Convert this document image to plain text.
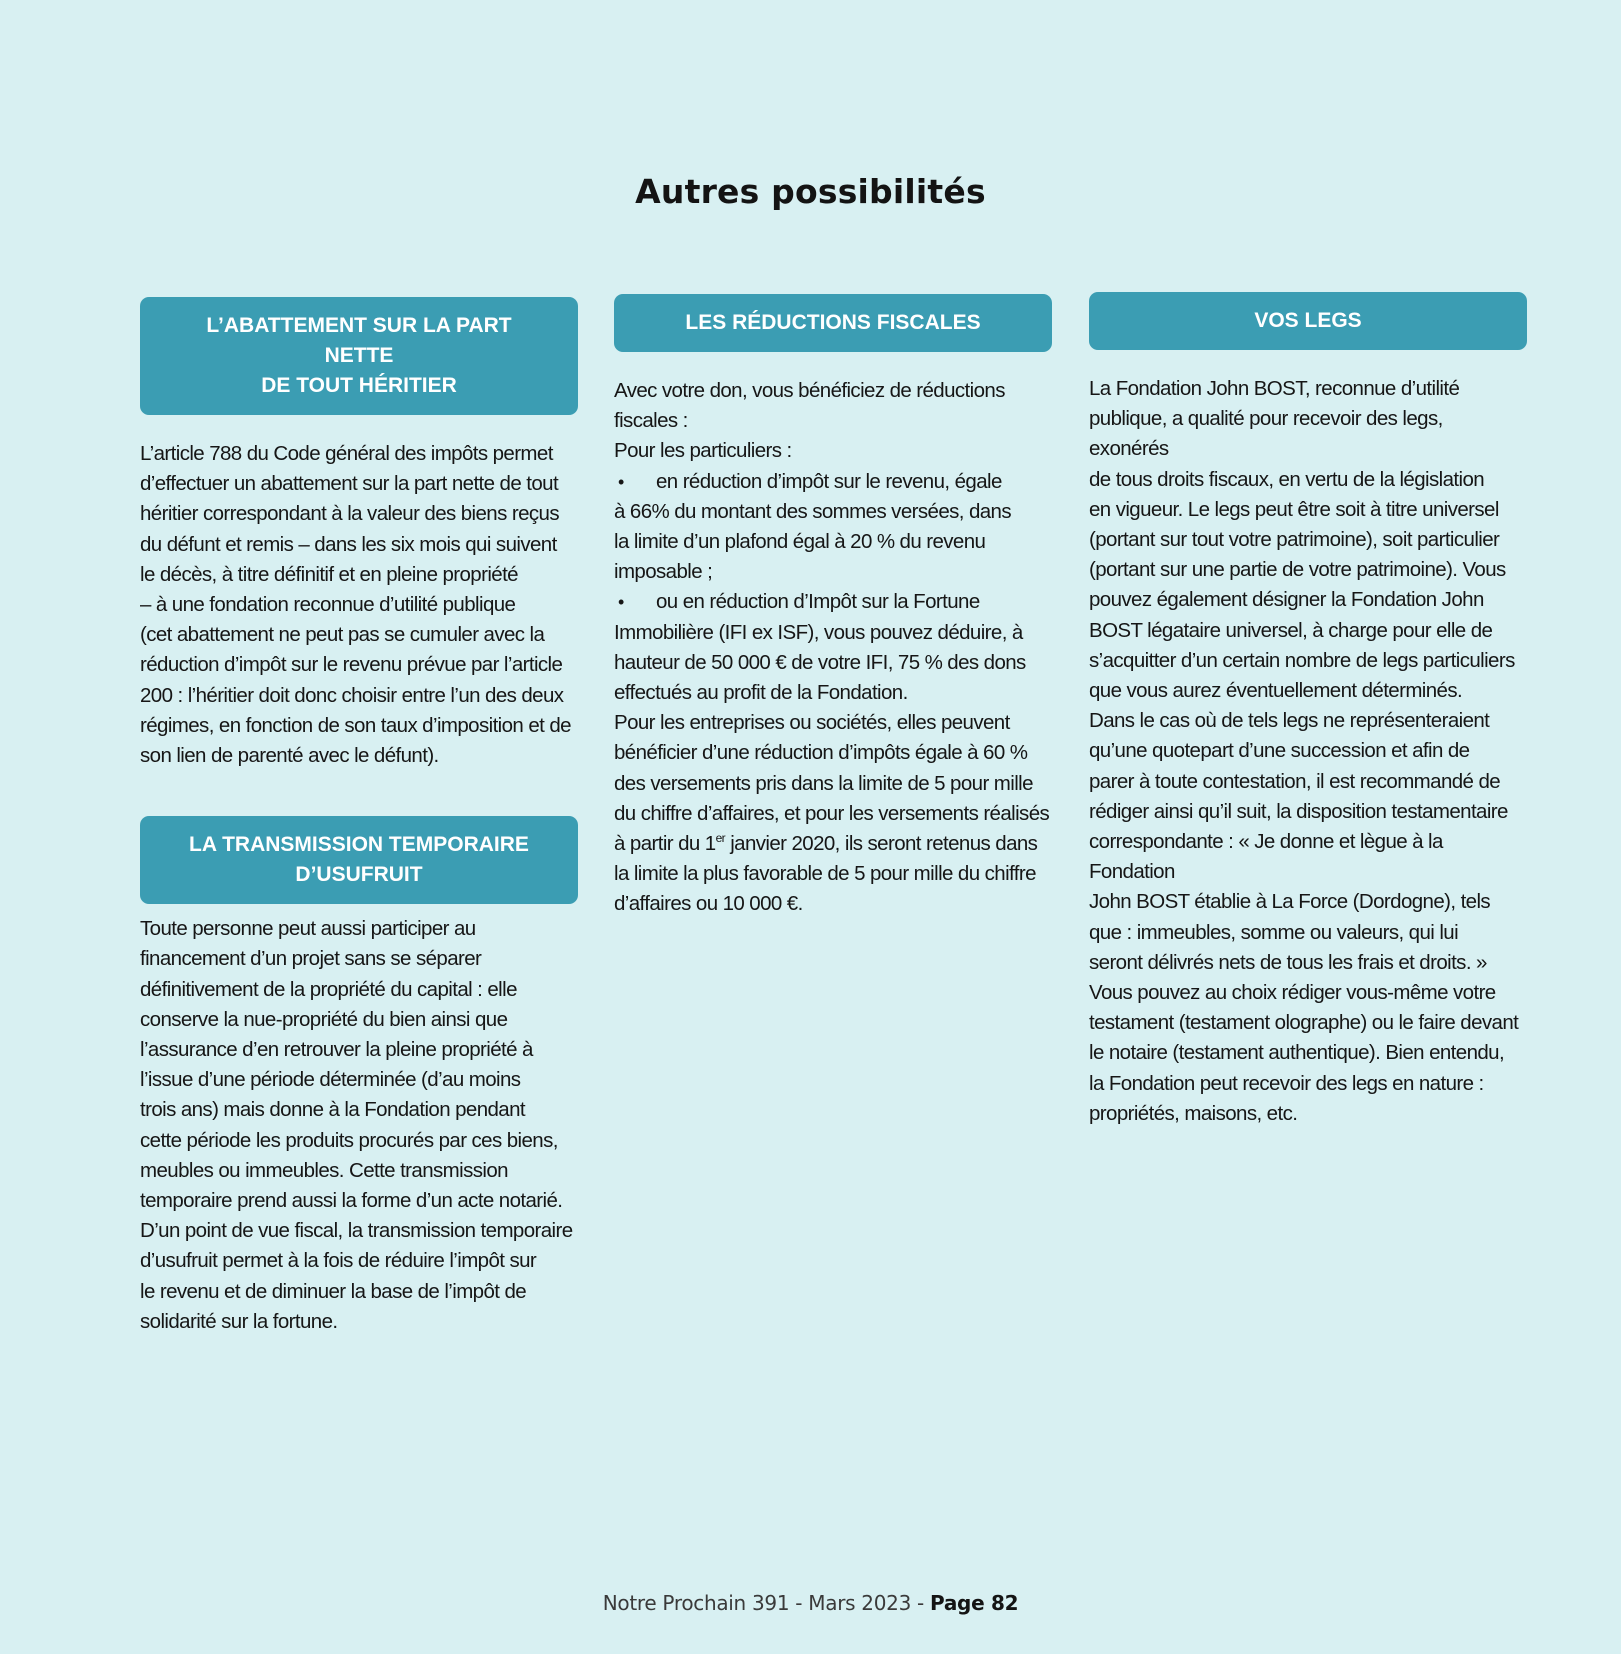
Autres possibilités
L’ABATTEMENT SUR LA PART NETTE
DE TOUT HÉRITIER

L’article 788 du Code général des impôts permet

d’effectuer un abattement sur la part nette de tout

héritier correspondant à la valeur des biens reçus

du défunt et remis – dans les six mois qui suivent

le décès, à titre définitif et en pleine propriété

– à une fondation reconnue d’utilité publique

(cet abattement ne peut pas se cumuler avec la

réduction d’impôt sur le revenu prévue par l’article

200 : l’héritier doit donc choisir entre l’un des deux

régimes, en fonction de son taux d’imposition et de

son lien de parenté avec le défunt).

LA TRANSMISSION TEMPORAIRE
D’USUFRUIT

Toute personne peut aussi participer au

financement d’un projet sans se séparer

définitivement de la propriété du capital : elle

conserve la nue-propriété du bien ainsi que

l’assurance d’en retrouver la pleine propriété à

l’issue d’une période déterminée (d’au moins

trois ans) mais donne à la Fondation pendant

cette période les produits procurés par ces biens,

meubles ou immeubles. Cette transmission

temporaire prend aussi la forme d’un acte notarié.

D’un point de vue fiscal, la transmission temporaire

d’usufruit permet à la fois de réduire l’impôt sur

le revenu et de diminuer la base de l’impôt de

solidarité sur la fortune.

LES RÉDUCTIONS FISCALES

Avec votre don, vous bénéficiez de réductions

fiscales :

Pour les particuliers :

• en réduction d’impôt sur le revenu, égale

à 66% du montant des sommes versées, dans

la limite d’un plafond égal à 20 % du revenu

imposable ;

• ou en réduction d’Impôt sur la Fortune

Immobilière (IFI ex ISF), vous pouvez déduire, à

hauteur de 50 000 € de votre IFI, 75 % des dons

effectués au profit de la Fondation.

Pour les entreprises ou sociétés, elles peuvent

bénéficier d’une réduction d’impôts égale à 60 %

des versements pris dans la limite de 5 pour mille

du chiffre d’affaires, et pour les versements réalisés

à partir du 1er janvier 2020, ils seront retenus dans

la limite la plus favorable de 5 pour mille du chiffre

d’affaires ou 10 000 €.

VOS LEGS

La Fondation John BOST, reconnue d’utilité

publique, a qualité pour recevoir des legs, exonérés

de tous droits fiscaux, en vertu de la législation

en vigueur. Le legs peut être soit à titre universel

(portant sur tout votre patrimoine), soit particulier

(portant sur une partie de votre patrimoine). Vous

pouvez également désigner la Fondation John

BOST légataire universel, à charge pour elle de

s’acquitter d’un certain nombre de legs particuliers

que vous aurez éventuellement déterminés.

Dans le cas où de tels legs ne représenteraient

qu’une quotepart d’une succession et afin de

parer à toute contestation, il est recommandé de

rédiger ainsi qu’il suit, la disposition testamentaire

correspondante : « Je donne et lègue à la Fondation

John BOST établie à La Force (Dordogne), tels

que : immeubles, somme ou valeurs, qui lui

seront délivrés nets de tous les frais et droits. »

Vous pouvez au choix rédiger vous-même votre

testament (testament olographe) ou le faire devant

le notaire (testament authentique). Bien entendu,

la Fondation peut recevoir des legs en nature :

propriétés, maisons, etc.

Notre Prochain 391 - Mars 2023 - Page 82
